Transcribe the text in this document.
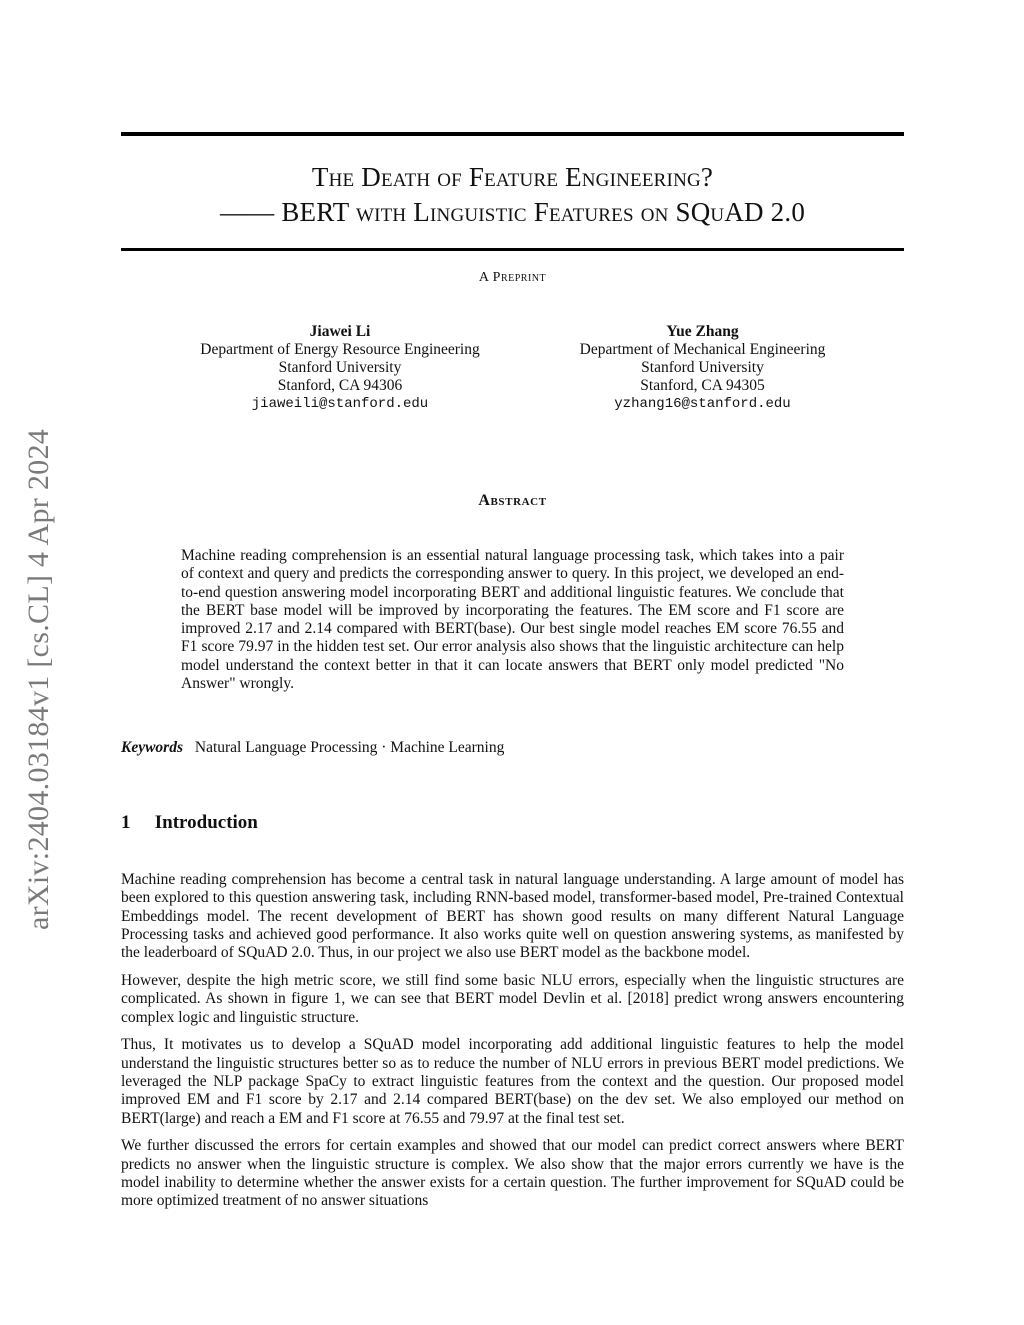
arXiv:2404.03184v1 [cs.CL] 4 Apr 2024
The Death of Feature Engineering?
—— BERT with Linguistic Features on SQuAD 2.0
A Preprint
Jiawei Li
Department of Energy Resource Engineering
Stanford University
Stanford, CA 94306
jiaweili@stanford.edu
Yue Zhang
Department of Mechanical Engineering
Stanford University
Stanford, CA 94305
yzhang16@stanford.edu
Abstract

Machine reading comprehension is an essential natural language processing task, which takes into a pair of context and query and predicts the corresponding answer to query. In this project, we developed an end-to-end question answering model incorporating BERT and additional linguistic features. We conclude that the BERT base model will be improved by incorporating the features. The EM score and F1 score are improved 2.17 and 2.14 compared with BERT(base). Our best single model reaches EM score 76.55 and F1 score 79.97 in the hidden test set. Our error analysis also shows that the linguistic architecture can help model understand the context better in that it can locate answers that BERT only model predicted "No Answer" wrongly.

Keywords Natural Language Processing · Machine Learning
1 Introduction

Machine reading comprehension has become a central task in natural language understanding. A large amount of model has been explored to this question answering task, including RNN-based model, transformer-based model, Pre-trained Contextual Embeddings model. The recent development of BERT has shown good results on many different Natural Language Processing tasks and achieved good performance. It also works quite well on question answering systems, as manifested by the leaderboard of SQuAD 2.0. Thus, in our project we also use BERT model as the backbone model.

However, despite the high metric score, we still find some basic NLU errors, especially when the linguistic structures are complicated. As shown in figure 1, we can see that BERT model Devlin et al. [2018] predict wrong answers encountering complex logic and linguistic structure.

Thus, It motivates us to develop a SQuAD model incorporating add additional linguistic features to help the model understand the linguistic structures better so as to reduce the number of NLU errors in previous BERT model predictions. We leveraged the NLP package SpaCy to extract linguistic features from the context and the question. Our proposed model improved EM and F1 score by 2.17 and 2.14 compared BERT(base) on the dev set. We also employed our method on BERT(large) and reach a EM and F1 score at 76.55 and 79.97 at the final test set.

We further discussed the errors for certain examples and showed that our model can predict correct answers where BERT predicts no answer when the linguistic structure is complex. We also show that the major errors currently we have is the model inability to determine whether the answer exists for a certain question. The further improvement for SQuAD could be more optimized treatment of no answer situations
